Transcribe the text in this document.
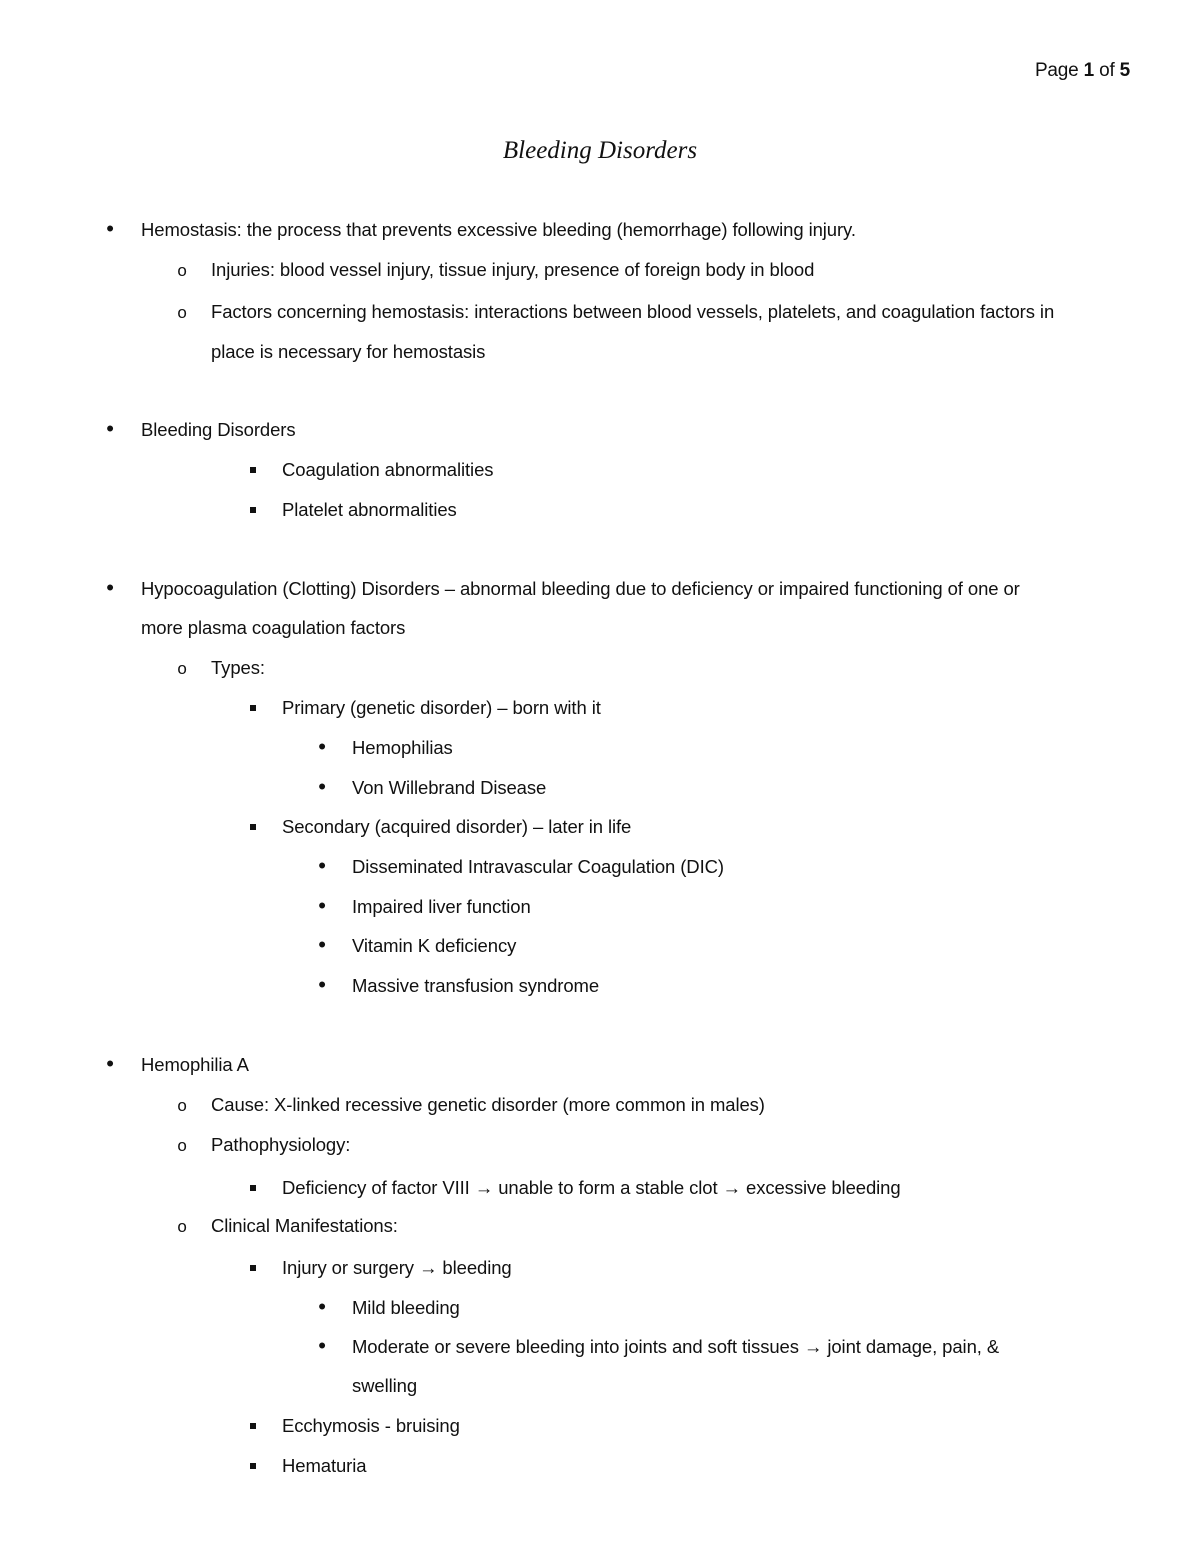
Page 1 of 5
Bleeding Disorders
•
Hemostasis: the process that prevents excessive bleeding (hemorrhage) following injury.
o
Injuries: blood vessel injury, tissue injury, presence of foreign body in blood
o
Factors concerning hemostasis: interactions between blood vessels, platelets, and coagulation factors in
place is necessary for hemostasis
•
Bleeding Disorders
Coagulation abnormalities
Platelet abnormalities
•
Hypocoagulation (Clotting) Disorders – abnormal bleeding due to deficiency or impaired functioning of one or
more plasma coagulation factors
o
Types:
Primary (genetic disorder) – born with it
•
Hemophilias
•
Von Willebrand Disease
Secondary (acquired disorder) – later in life
•
Disseminated Intravascular Coagulation (DIC)
•
Impaired liver function
•
Vitamin K deficiency
•
Massive transfusion syndrome
•
Hemophilia A
o
Cause: X-linked recessive genetic disorder (more common in males)
o
Pathophysiology:
Deficiency of factor VIII → unable to form a stable clot → excessive bleeding
o
Clinical Manifestations:
Injury or surgery → bleeding
•
Mild bleeding
•
Moderate or severe bleeding into joints and soft tissues → joint damage, pain, &
swelling
Ecchymosis - bruising
Hematuria
